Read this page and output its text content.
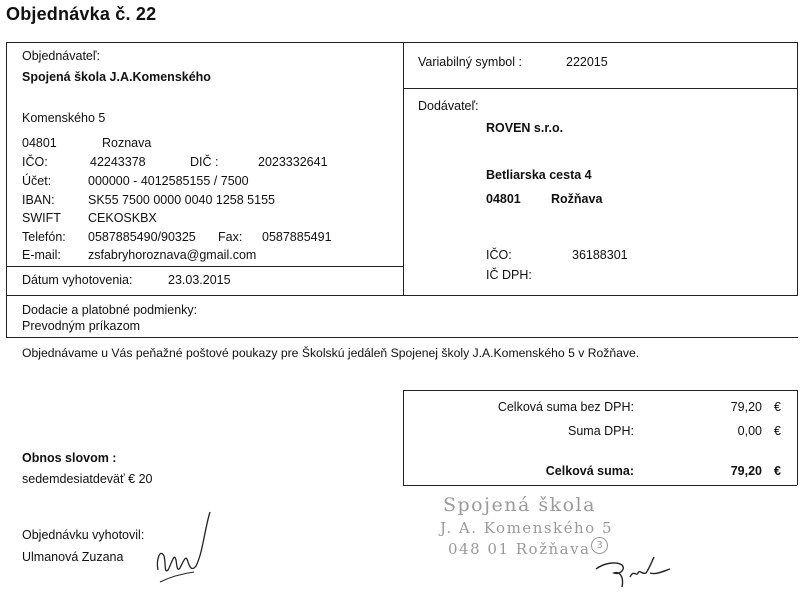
Objednávka č. 22
Objednávateľ:
Spojená škola J.A.Komenského
Komenského 5
04801	Roznava
IČO:	42243378	DIČ :	2023332641
Účet:	000000 - 4012585155 / 7500
IBAN:	SK55 7500 0000 0040 1258 5155
SWIFT CEKOSKBX
Telefón: 0587885490/90325 Fax: 0587885491
E-mail: zsfabryhoroznava@gmail.com
Dátum vyhotovenia:	23.03.2015
Variabilný symbol :	222015
Dodávateľ:
ROVEN s.r.o.
Betliarska cesta 4
04801 Rožňava
IČO:	36188301
IČ DPH:
Dodacie a platobné podmienky:
Prevodným príkazom
Objednávame u Vás peňažné poštové poukazy pre Školskú jedáleň Spojenej školy J.A.Komenského 5 v Rožňave.
Celková suma bez DPH:	79,20 €
Suma DPH:	0,00 €
Celková suma:	79,20 €
Obnos slovom :
sedemdesiatdeväť € 20
Objednávku vyhotovil:
Ulmanová Zuzana
Spojená škola
J. A. Komenského 5
048 01 Rožňava 3
